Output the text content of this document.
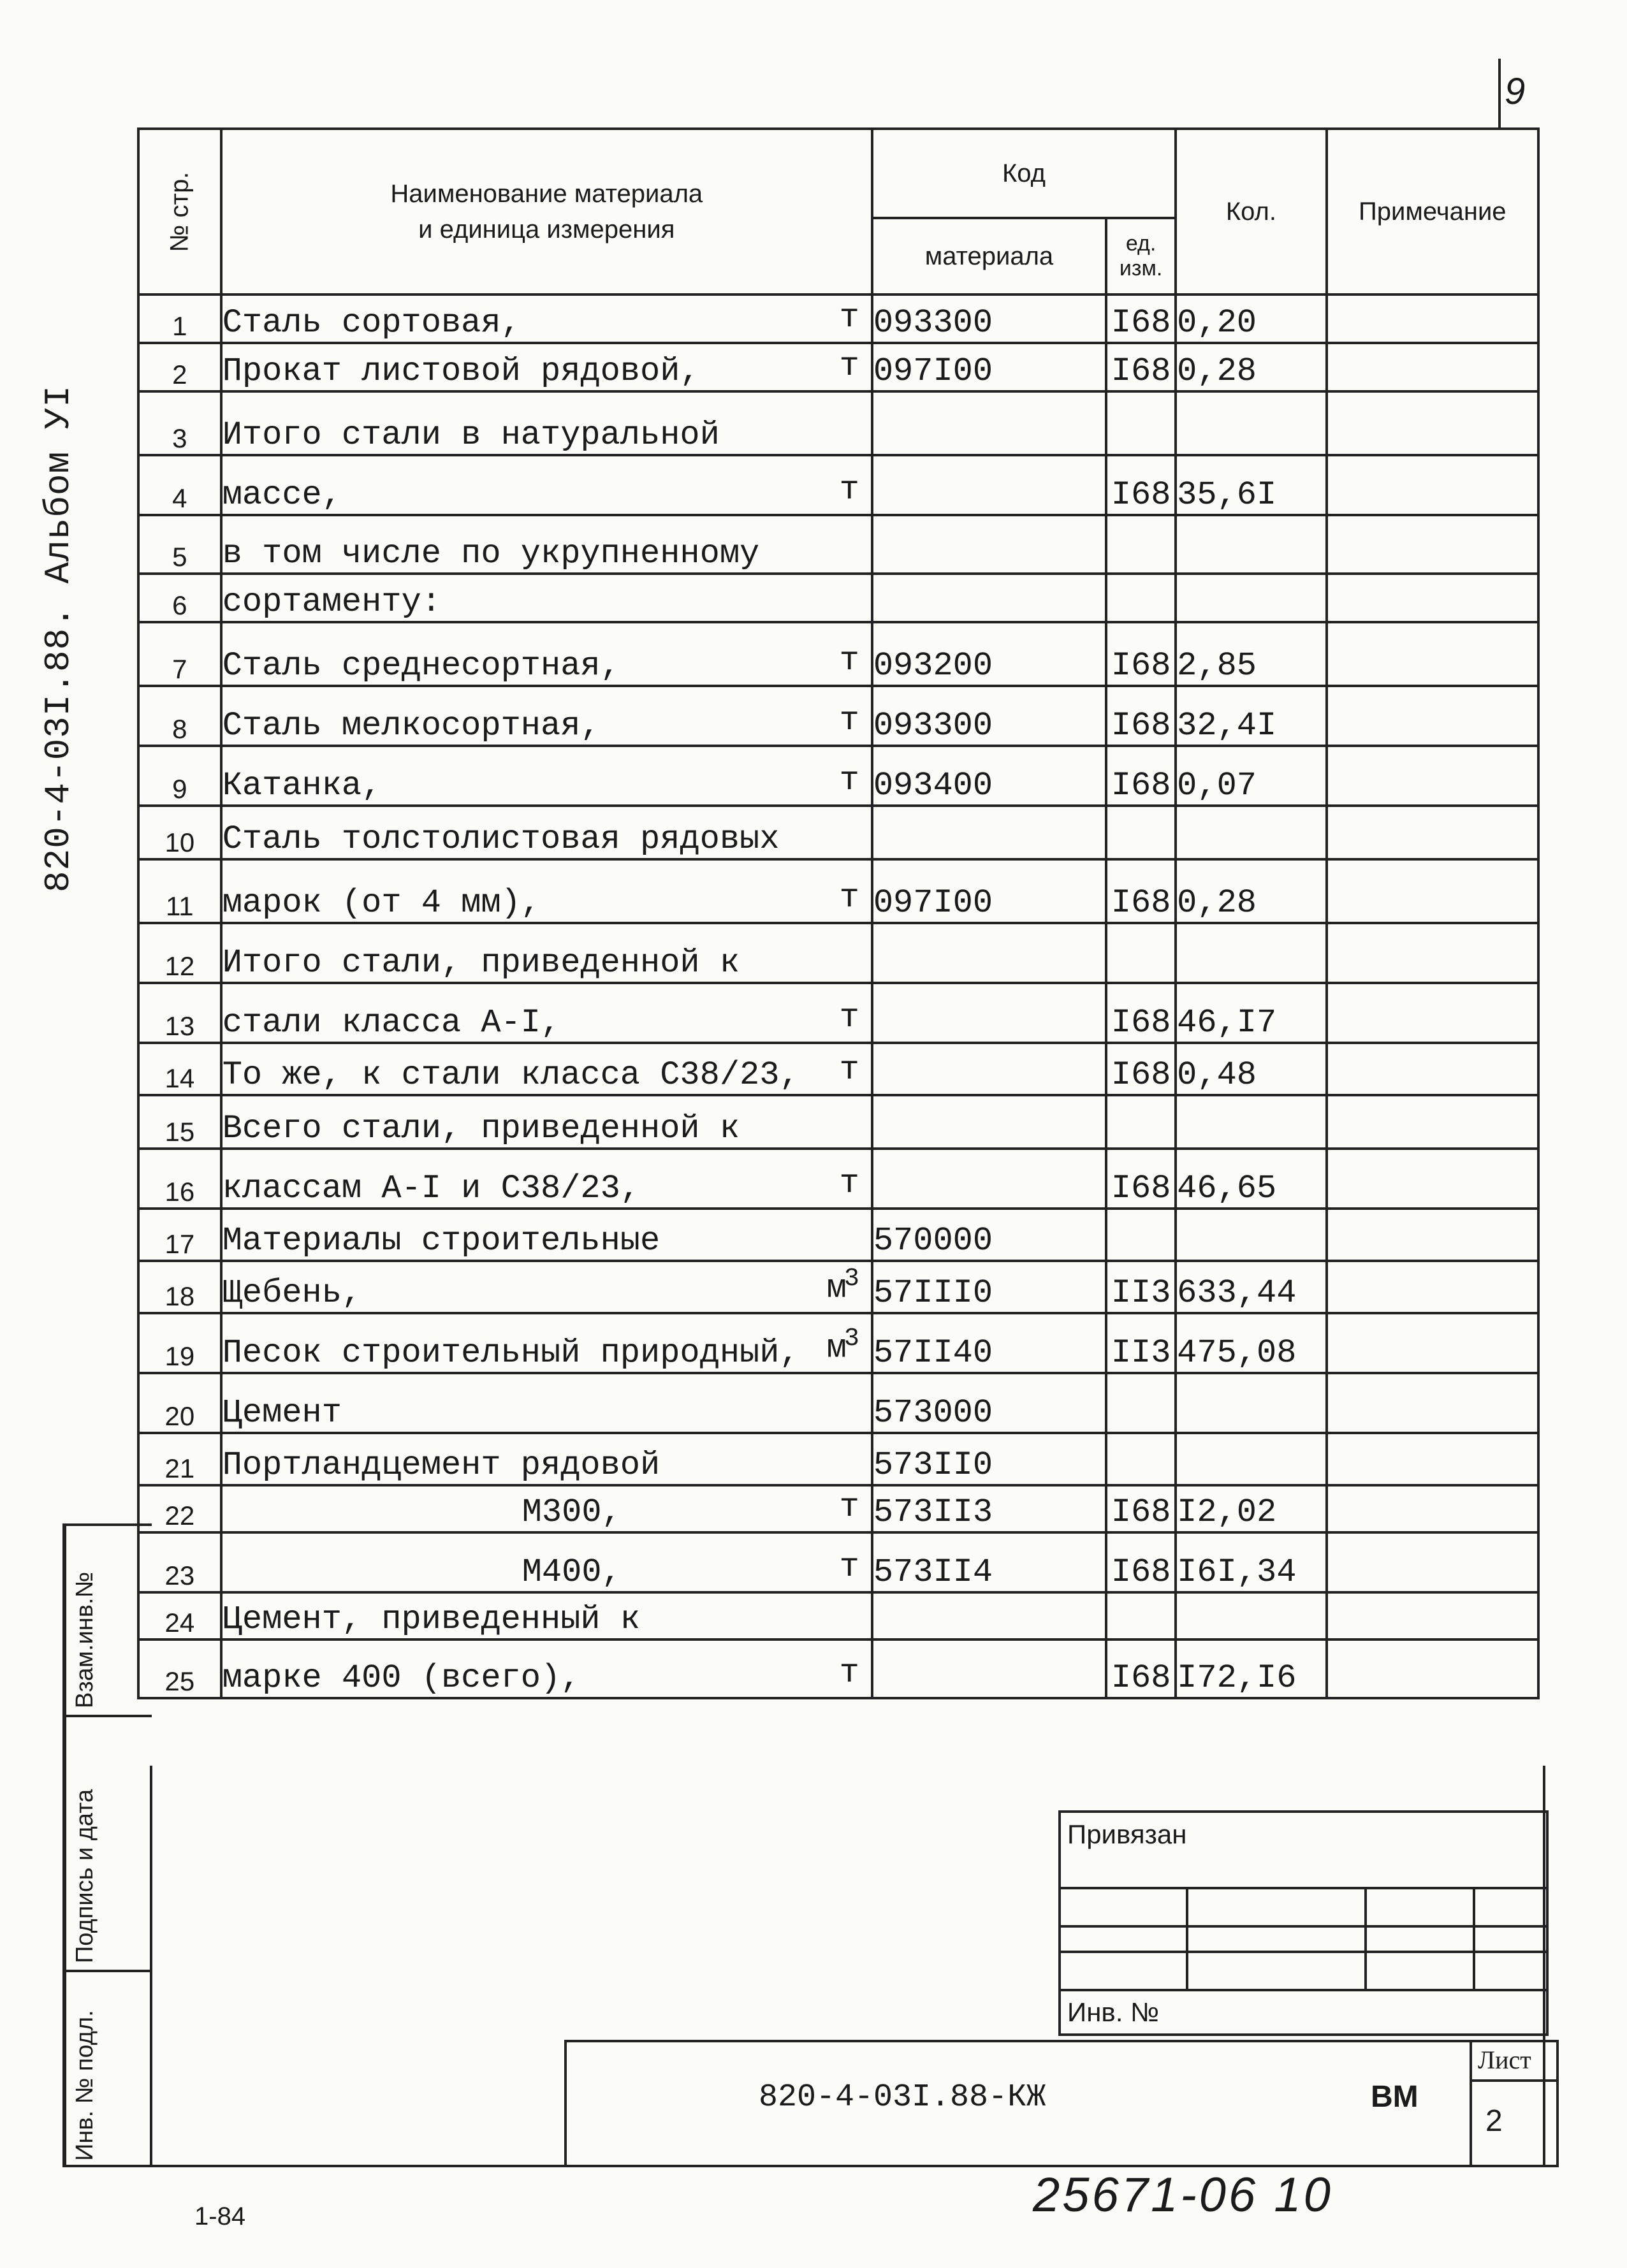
9
820-4-03I.88. Альбом УI
№ стр.	Наименование материала
и единица измерения	Код		Кол.	Примечание
		материала	ед.
изм.		
1	Сталь сортовая, т	093300	I68	0,20	
2	Прокат листовой рядовой, т	097I00	I68	0,28	
3	Итого стали в натуральной				
4	массе, т		I68	35,6I	
5	в том числе по укрупненному				
6	сортаменту:				
7	Сталь среднесортная, т	093200	I68	2,85	
8	Сталь мелкосортная, т	093300	I68	32,4I	
9	Катанка, т	093400	I68	0,07	
10	Сталь толстолистовая рядовых				
11	марок (от 4 мм), т	097I00	I68	0,28	
12	Итого стали, приведенной к				
13	стали класса А-I, т		I68	46,I7	
14	То же, к стали класса С38/23, т		I68	0,48	
15	Всего стали, приведенной к				
16	классам А-I и С38/23, т		I68	46,65	
17	Материалы строительные	570000			
18	Щебень, $м^3$	57III0	II3	633,44	
19	Песок строительный природный, $м^3$	57II40	II3	475,08	
20	Цемент	573000			
21	Портландцемент рядовой	573II0			
22	М300, т	573II3	I68	I2,02	
23	М400, т	573II4	I68	I6I,34	
24	Цемент, приведенный к				
25	марке 400 (всего), т		I68	I72,I6	
Взам.инв.№
Подпись и дата
Инв. № подл.
Привязан			

Инв. №			
820-4-03I.88-КЖ	ВМ
Лист
2
1-84	25671-06 10
